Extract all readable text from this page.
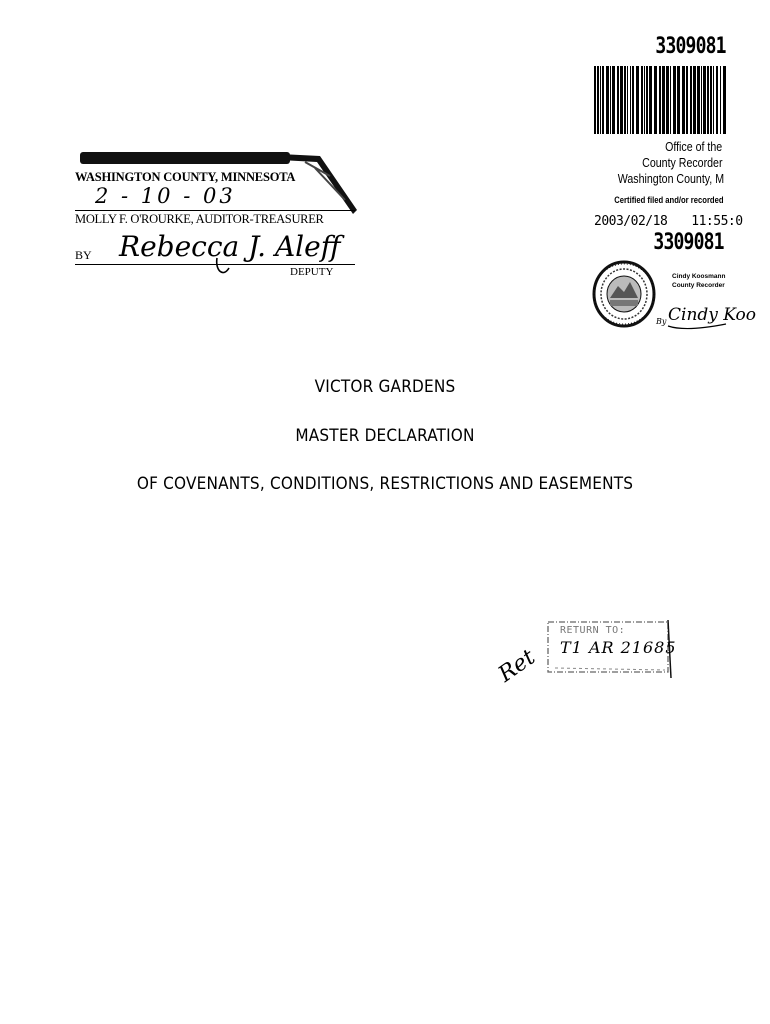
WASHINGTON COUNTY, MINNESOTA
2 - 10 - 03
MOLLY F. O'ROURKE, AUDITOR-TREASURER
BY Rebecca J. Aleff
DEPUTY
3309081
Office of the
County Recorder
Washington County, M
Certified filed and/or recorded
2003/02/18 11:55:0
3309081
Cindy Koosmann
County Recorder
By Cindy Koo
VICTOR GARDENS
MASTER DECLARATION
OF COVENANTS, CONDITIONS, RESTRICTIONS AND EASEMENTS
Ret
RETURN TO:
T1 AR 21685
